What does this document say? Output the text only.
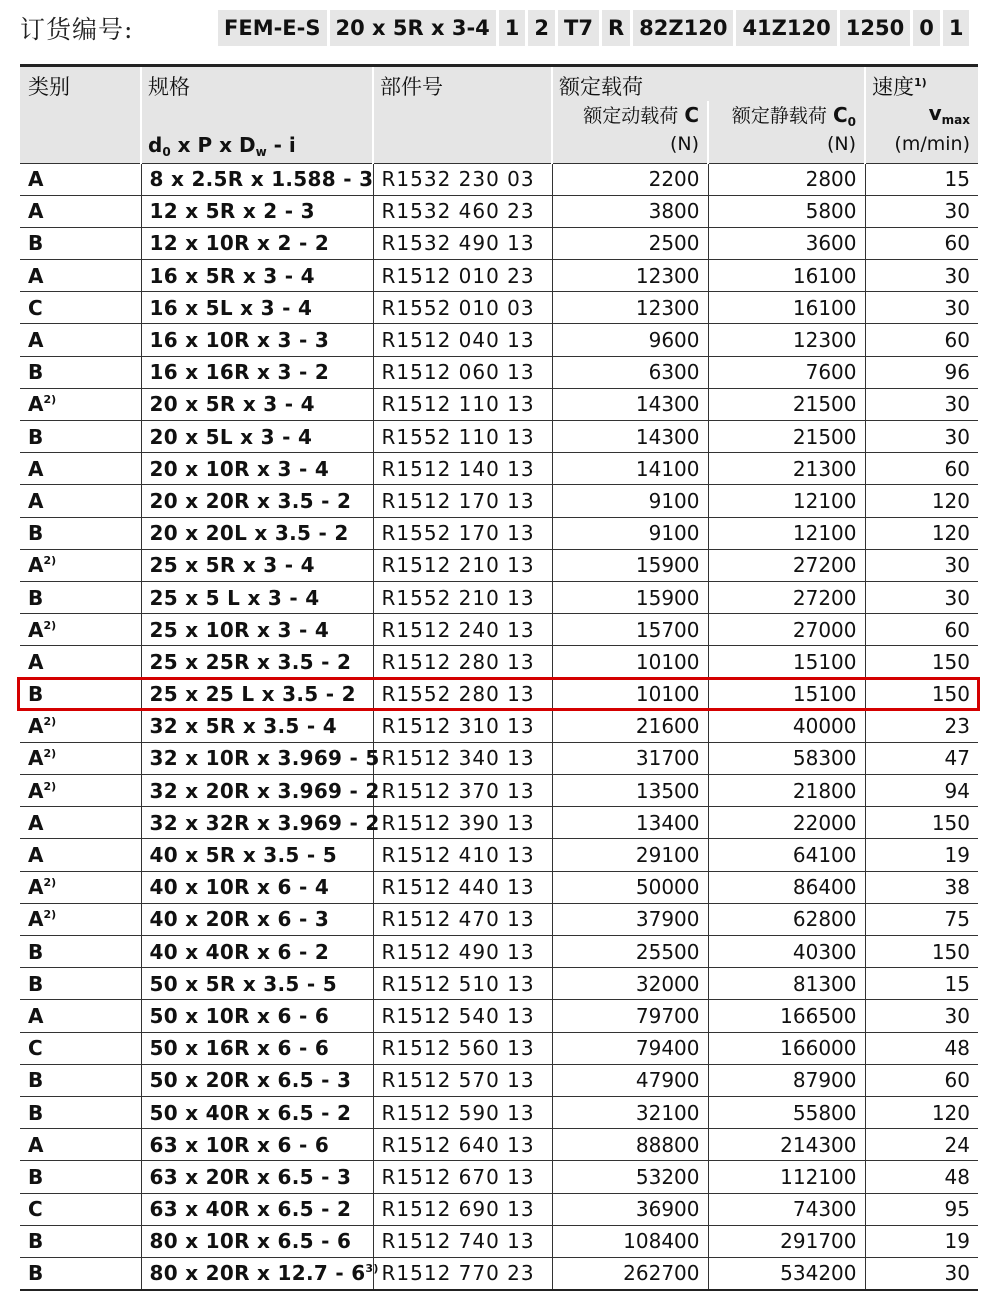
订货编号:	FEM-E-S 20 x 5R x 3-4 1 2 T7 R 82Z120 41Z120 1250 0 1
类别	规格	部件号	额定载荷		速度$^{1)}$
			额定动载荷 C	额定静载荷 $C_0$	$v_{max}$
	$d_0$ x P x $D_w$ - i		(N)	(N)	(m/min)
A	8 x 2.5R x 1.588 - 3	R1532 230 03	2200	2800	15
A	12 x 5R x 2 - 3	R1532 460 23	3800	5800	30
B	12 x 10R x 2 - 2	R1532 490 13	2500	3600	60
A	16 x 5R x 3 - 4	R1512 010 23	12300	16100	30
C	16 x 5L x 3 - 4	R1552 010 03	12300	16100	30
A	16 x 10R x 3 - 3	R1512 040 13	9600	12300	60
B	16 x 16R x 3 - 2	R1512 060 13	6300	7600	96
$A^{2)}$	20 x 5R x 3 - 4	R1512 110 13	14300	21500	30
B	20 x 5L x 3 - 4	R1552 110 13	14300	21500	30
A	20 x 10R x 3 - 4	R1512 140 13	14100	21300	60
A	20 x 20R x 3.5 - 2	R1512 170 13	9100	12100	120
B	20 x 20L x 3.5 - 2	R1552 170 13	9100	12100	120
$A^{2)}$	25 x 5R x 3 - 4	R1512 210 13	15900	27200	30
B	25 x 5 L x 3 - 4	R1552 210 13	15900	27200	30
$A^{2)}$	25 x 10R x 3 - 4	R1512 240 13	15700	27000	60
A	25 x 25R x 3.5 - 2	R1512 280 13	10100	15100	150
B	25 x 25 L x 3.5 - 2	R1552 280 13	10100	15100	150
$A^{2)}$	32 x 5R x 3.5 - 4	R1512 310 13	21600	40000	23
$A^{2)}$	32 x 10R x 3.969 - 5	R1512 340 13	31700	58300	47
$A^{2)}$	32 x 20R x 3.969 - 2	R1512 370 13	13500	21800	94
A	32 x 32R x 3.969 - 2	R1512 390 13	13400	22000	150
A	40 x 5R x 3.5 - 5	R1512 410 13	29100	64100	19
$A^{2)}$	40 x 10R x 6 - 4	R1512 440 13	50000	86400	38
$A^{2)}$	40 x 20R x 6 - 3	R1512 470 13	37900	62800	75
B	40 x 40R x 6 - 2	R1512 490 13	25500	40300	150
B	50 x 5R x 3.5 - 5	R1512 510 13	32000	81300	15
A	50 x 10R x 6 - 6	R1512 540 13	79700	166500	30
C	50 x 16R x 6 - 6	R1512 560 13	79400	166000	48
B	50 x 20R x 6.5 - 3	R1512 570 13	47900	87900	60
B	50 x 40R x 6.5 - 2	R1512 590 13	32100	55800	120
A	63 x 10R x 6 - 6	R1512 640 13	88800	214300	24
B	63 x 20R x 6.5 - 3	R1512 670 13	53200	112100	48
C	63 x 40R x 6.5 - 2	R1512 690 13	36900	74300	95
B	80 x 10R x 6.5 - 6	R1512 740 13	108400	291700	19
B	80 x 20R x 12.7 - 6$^{3)}$	R1512 770 23	262700	534200	30
